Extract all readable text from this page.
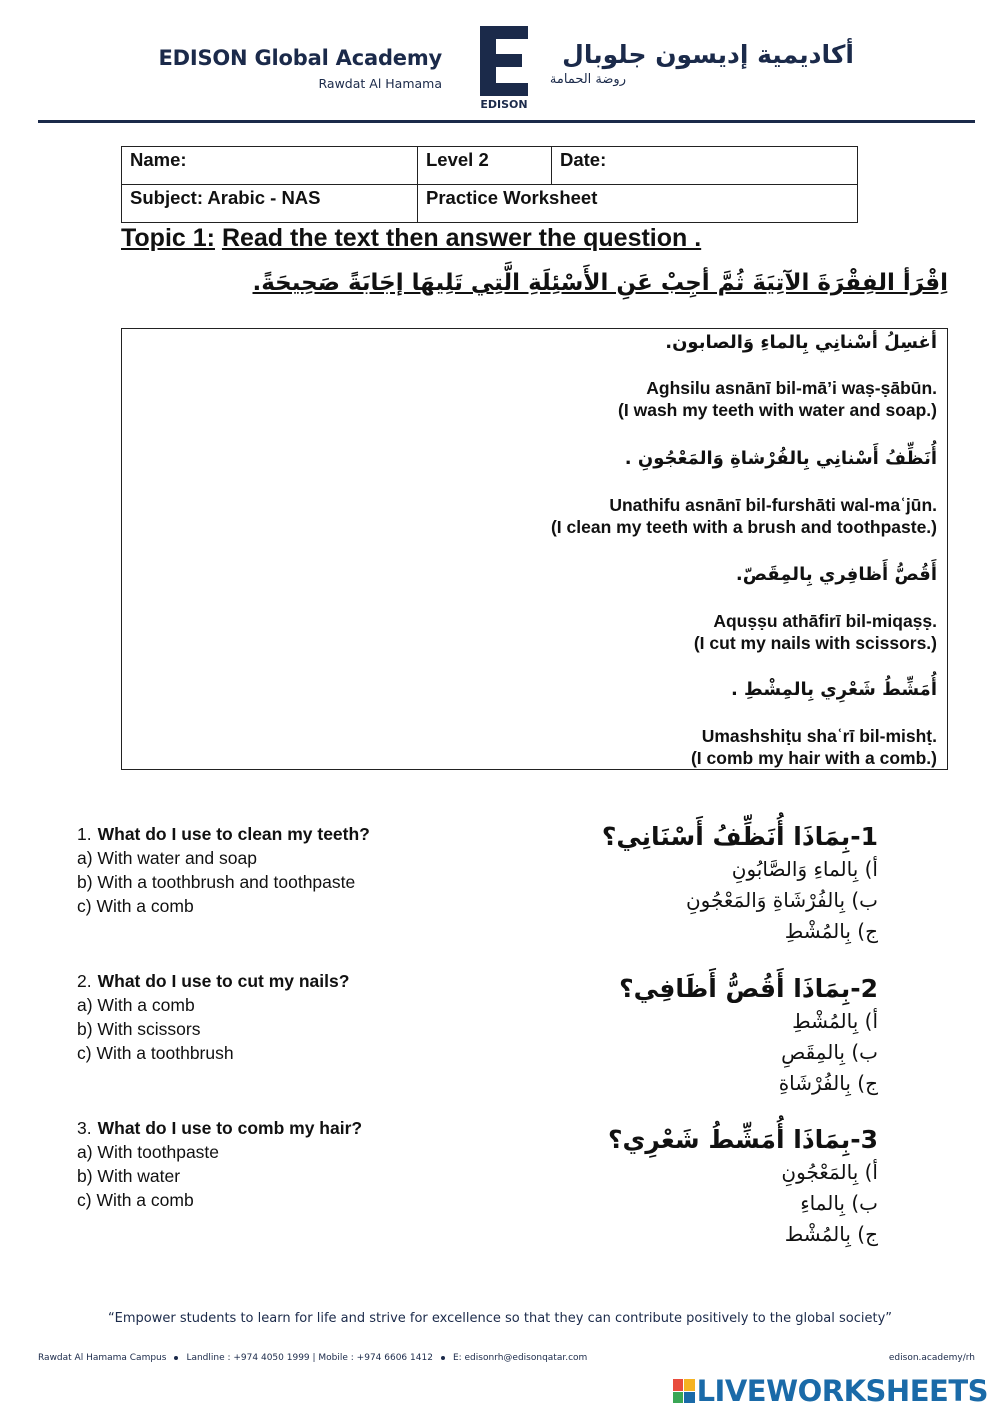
EDISON Global Academy
Rawdat Al Hamama
EDISON
أكاديمية إديسون جلوبال
روضة الحمامة
Name:	Level 2	Date:
Subject: Arabic - NAS	Practice Worksheet	
Topic 1: Read the text then answer the question .
اِقْرَأ الفِقْرَةَ الآتِيَةَ ثُمَّ أجِبْ عَنِ الأَسْئِلَةِ الَّتِي تَلِيهَا إجَابَةً صَحِيحَةً.
أغسِلُ أسْنانِي بِالماءِ وَالصابون.
Aghsilu asnānī bil-mā’i waṣ-ṣābūn.
(I wash my teeth with water and soap.)
أُنَظِّفُ أَسْنانِي بِالفُرْشاةِ وَالمَعْجُونِ .
Unathifu asnānī bil-furshāti wal-maʿjūn.
(I clean my teeth with a brush and toothpaste.)
أَقُصُّ أَظافِري بِالمِقَصّ.
Aquṣṣu athāfirī bil-miqaṣṣ.
(I cut my nails with scissors.)
أُمَشِّطُ شَعْرِي بِالمِشْطِ .
Umashshiṭu shaʿrī bil-mishṭ.
(I comb my hair with a comb.)
1. What do I use to clean my teeth?
a) With water and soap
b) With a toothbrush and toothpaste
c) With a comb
2. What do I use to cut my nails?
a) With a comb
b) With scissors
c) With a toothbrush
3. What do I use to comb my hair?
a) With toothpaste
b) With water
c) With a comb
1-بِمَاذَا أُنَظِّفُ أَسْنَانِي؟
أ) بِالماءِ وَالصَّابُونِ
ب) بِالفُرْشَاةِ وَالمَعْجُونِ
ج) بِالمُشْطِ
2-بِمَاذَا أَقُصُّ أَظَافِي؟
أ) بِالمُشْطِ
ب) بِالمِقَصِ
ج) بِالفُرْشَاةِ
3-بِمَاذَا أُمَشِّطُ شَعْرِي؟
أ) بِالمَعْجُونِ
ب) بِالماءِ
ج) بِالمُشْط
“Empower students to learn for life and strive for excellence so that they can contribute positively to the global society”
Rawdat Al Hamama Campus Landline : +974 4050 1999 | Mobile : +974 6606 1412 E: edisonrh@edisonqatar.com	edison.academy/rh
LIVEWORKSHEETS
